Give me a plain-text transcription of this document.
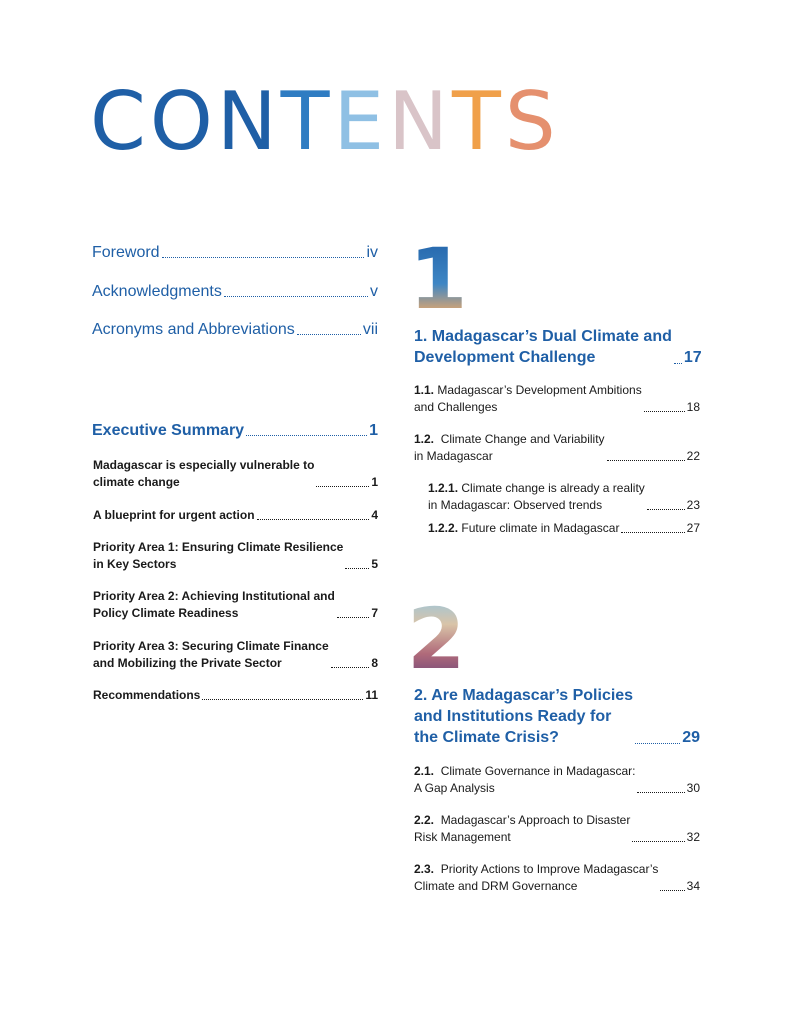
CONTENTS
Foreword	iv
Acknowledgments	v
Acronyms and Abbreviations	vii
Executive Summary	1
Madagascar is especially vulnerable to
climate change	1
A blueprint for urgent action	4
Priority Area 1: Ensuring Climate Resilience
in Key Sectors	5
Priority Area 2: Achieving Institutional and
Policy Climate Readiness	7
Priority Area 3: Securing Climate Finance
and Mobilizing the Private Sector	8
Recommendations	11
1
1. Madagascar’s Dual Climate and
Development Challenge	17
1.1. Madagascar’s Development Ambitions
and Challenges	18
1.2. Climate Change and Variability
in Madagascar	22
1.2.1. Climate change is already a reality
in Madagascar: Observed trends	23
1.2.2. Future climate in Madagascar	27
2
2. Are Madagascar’s Policies
and Institutions Ready for
the Climate Crisis?	29
2.1. Climate Governance in Madagascar:
A Gap Analysis	30
2.2. Madagascar’s Approach to Disaster
Risk Management	32
2.3. Priority Actions to Improve Madagascar’s
Climate and DRM Governance	34
